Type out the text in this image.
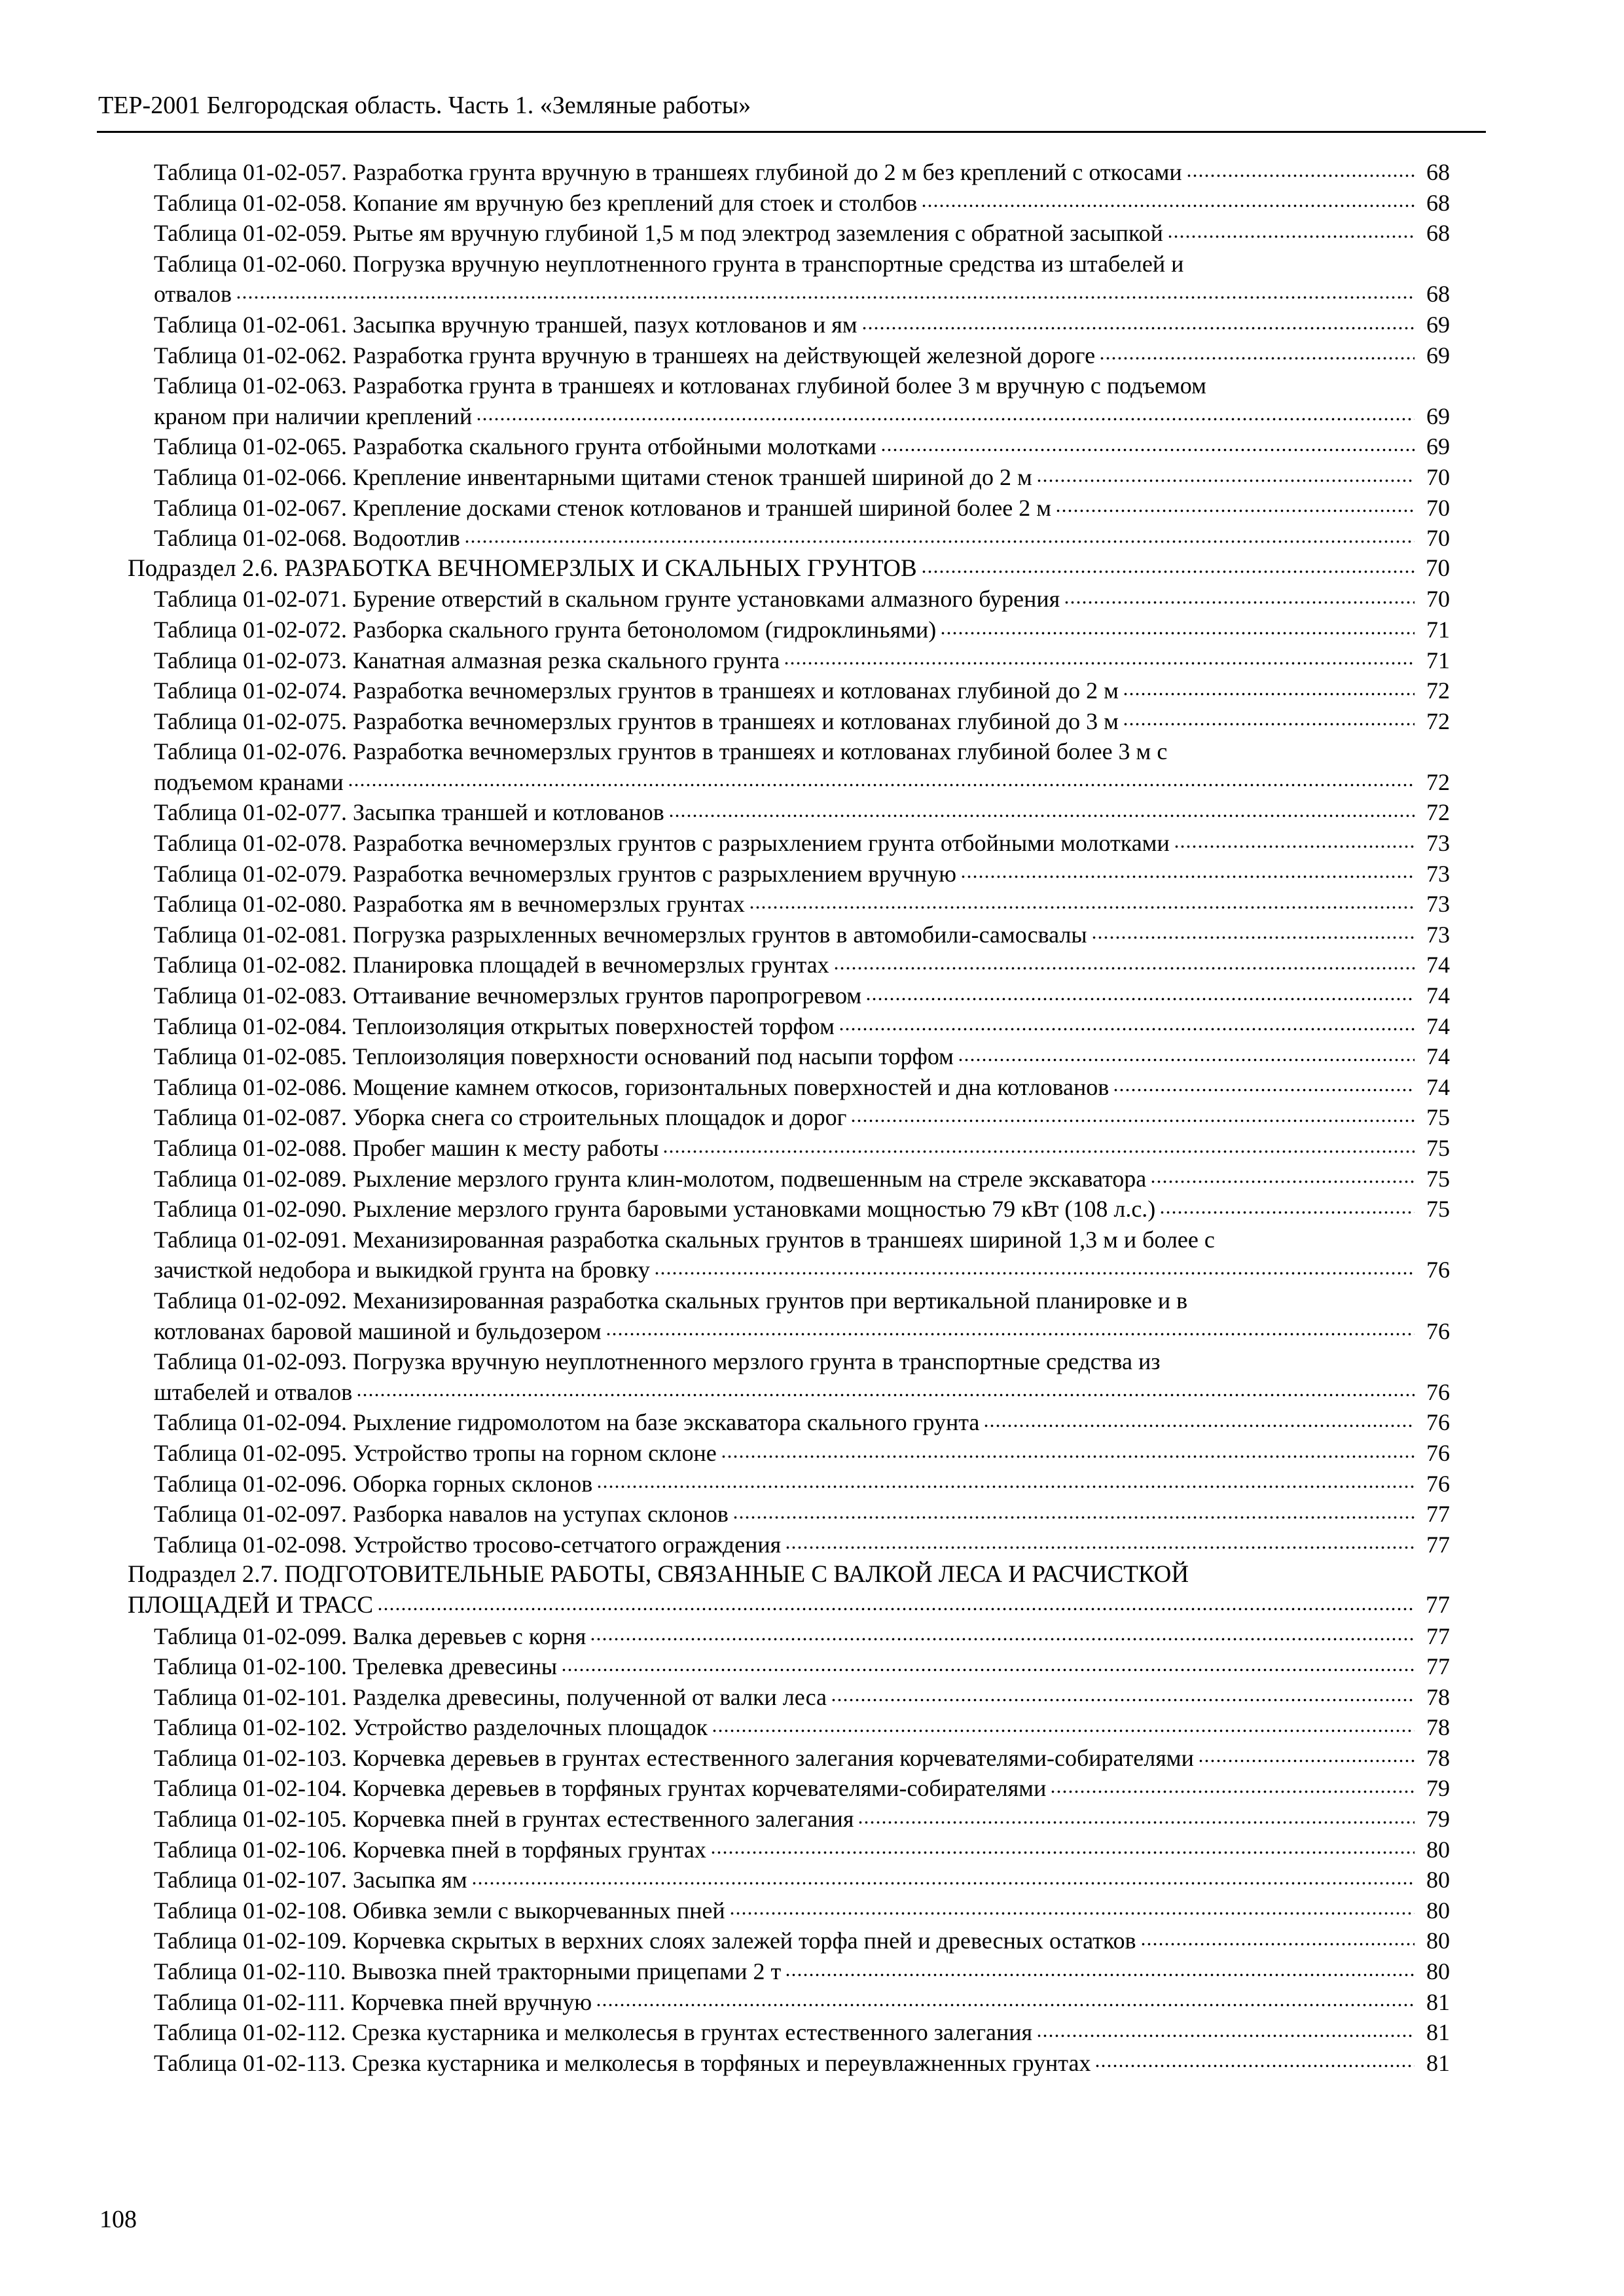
ТЕР-2001 Белгородская область. Часть 1. «Земляные работы»
Таблица 01-02-057. Разработка грунта вручную в траншеях глубиной до 2 м без креплений с откосами	68
Таблица 01-02-058. Копание ям вручную без креплений для стоек и столбов	68
Таблица 01-02-059. Рытье ям вручную глубиной 1,5 м под электрод заземления с обратной засыпкой	68
Таблица 01-02-060. Погрузка вручную неуплотненного грунта в транспортные средства из штабелей и
отвалов	68
Таблица 01-02-061. Засыпка вручную траншей, пазух котлованов и ям	69
Таблица 01-02-062. Разработка грунта вручную в траншеях на действующей железной дороге	69
Таблица 01-02-063. Разработка грунта в траншеях и котлованах глубиной более 3 м вручную с подъемом
краном при наличии креплений	69
Таблица 01-02-065. Разработка скального грунта отбойными молотками	69
Таблица 01-02-066. Крепление инвентарными щитами стенок траншей шириной до 2 м	70
Таблица 01-02-067. Крепление досками стенок котлованов и траншей шириной более 2 м	70
Таблица 01-02-068. Водоотлив	70
Подраздел 2.6. РАЗРАБОТКА ВЕЧНОМЕРЗЛЫХ И СКАЛЬНЫХ ГРУНТОВ	70
Таблица 01-02-071. Бурение отверстий в скальном грунте установками алмазного бурения	70
Таблица 01-02-072. Разборка скального грунта бетоноломом (гидроклиньями)	71
Таблица 01-02-073. Канатная алмазная резка скального грунта	71
Таблица 01-02-074. Разработка вечномерзлых грунтов в траншеях и котлованах глубиной до 2 м	72
Таблица 01-02-075. Разработка вечномерзлых грунтов в траншеях и котлованах глубиной до 3 м	72
Таблица 01-02-076. Разработка вечномерзлых грунтов в траншеях и котлованах глубиной более 3 м с
подъемом кранами	72
Таблица 01-02-077. Засыпка траншей и котлованов	72
Таблица 01-02-078. Разработка вечномерзлых грунтов с разрыхлением грунта отбойными молотками	73
Таблица 01-02-079. Разработка вечномерзлых грунтов с разрыхлением вручную	73
Таблица 01-02-080. Разработка ям в вечномерзлых грунтах	73
Таблица 01-02-081. Погрузка разрыхленных вечномерзлых грунтов в автомобили-самосвалы	73
Таблица 01-02-082. Планировка площадей в вечномерзлых грунтах	74
Таблица 01-02-083. Оттаивание вечномерзлых грунтов паропрогревом	74
Таблица 01-02-084. Теплоизоляция открытых поверхностей торфом	74
Таблица 01-02-085. Теплоизоляция поверхности оснований под насыпи торфом	74
Таблица 01-02-086. Мощение камнем откосов, горизонтальных поверхностей и дна котлованов	74
Таблица 01-02-087. Уборка снега со строительных площадок и дорог	75
Таблица 01-02-088. Пробег машин к месту работы	75
Таблица 01-02-089. Рыхление мерзлого грунта клин-молотом, подвешенным на стреле экскаватора	75
Таблица 01-02-090. Рыхление мерзлого грунта баровыми установками мощностью 79 кВт (108 л.с.)	75
Таблица 01-02-091. Механизированная разработка скальных грунтов в траншеях шириной 1,3 м и более с
зачисткой недобора и выкидкой грунта на бровку	76
Таблица 01-02-092. Механизированная разработка скальных грунтов при вертикальной планировке и в
котлованах баровой машиной и бульдозером	76
Таблица 01-02-093. Погрузка вручную неуплотненного мерзлого грунта в транспортные средства из
штабелей и отвалов	76
Таблица 01-02-094. Рыхление гидромолотом на базе экскаватора скального грунта	76
Таблица 01-02-095. Устройство тропы на горном склоне	76
Таблица 01-02-096. Оборка горных склонов	76
Таблица 01-02-097. Разборка навалов на уступах склонов	77
Таблица 01-02-098. Устройство тросово-сетчатого ограждения	77
Подраздел 2.7. ПОДГОТОВИТЕЛЬНЫЕ РАБОТЫ, СВЯЗАННЫЕ С ВАЛКОЙ ЛЕСА И РАСЧИСТКОЙ
ПЛОЩАДЕЙ И ТРАСС	77
Таблица 01-02-099. Валка деревьев с корня	77
Таблица 01-02-100. Трелевка древесины	77
Таблица 01-02-101. Разделка древесины, полученной от валки леса	78
Таблица 01-02-102. Устройство разделочных площадок	78
Таблица 01-02-103. Корчевка деревьев в грунтах естественного залегания корчевателями-собирателями	78
Таблица 01-02-104. Корчевка деревьев в торфяных грунтах корчевателями-собирателями	79
Таблица 01-02-105. Корчевка пней в грунтах естественного залегания	79
Таблица 01-02-106. Корчевка пней в торфяных грунтах	80
Таблица 01-02-107. Засыпка ям	80
Таблица 01-02-108. Обивка земли с выкорчеванных пней	80
Таблица 01-02-109. Корчевка скрытых в верхних слоях залежей торфа пней и древесных остатков	80
Таблица 01-02-110. Вывозка пней тракторными прицепами 2 т	80
Таблица 01-02-111. Корчевка пней вручную	81
Таблица 01-02-112. Срезка кустарника и мелколесья в грунтах естественного залегания	81
Таблица 01-02-113. Срезка кустарника и мелколесья в торфяных и переувлажненных грунтах	81
108
